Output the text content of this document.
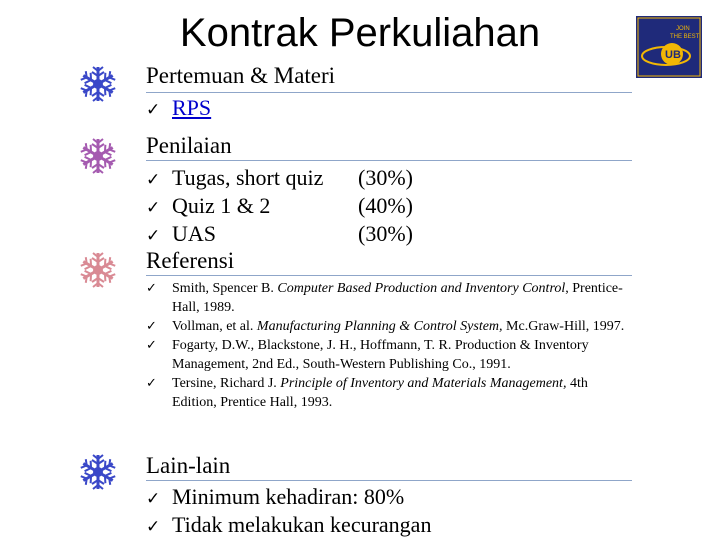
Kontrak Perkuliahan	JOIN
THE BEST
UB
Pertemuan & Materi
✓ RPS
Penilaian
✓ Tugas, short quiz (30%)
✓ Quiz 1 & 2	(40%)
✓ UAS	(30%)
Referensi
✓	Smith, Spencer B. Computer Based Production and Inventory Control, Prentice-Hall, 1989.
✓	Vollman, et al. Manufacturing Planning & Control System, Mc.Graw-Hill, 1997.
✓	Fogarty, D.W., Blackstone, J. H., Hoffmann, T. R. Production & Inventory Management, 2nd Ed., South-Western Publishing Co., 1991.
✓	Tersine, Richard J. Principle of Inventory and Materials Management, 4th Edition, Prentice Hall, 1993.
Lain-lain
✓ Minimum kehadiran: 80%
✓ Tidak melakukan kecurangan
